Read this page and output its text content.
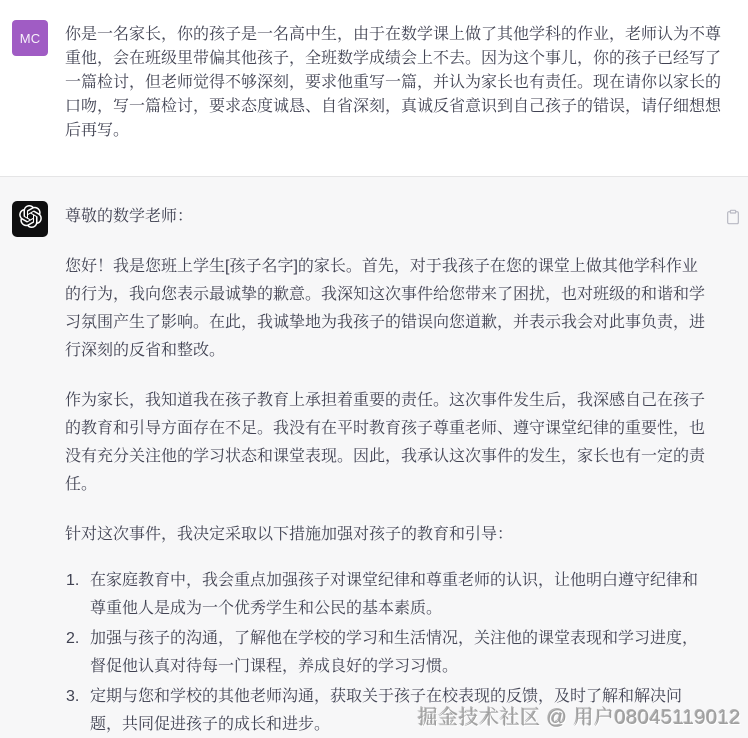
MC	你是一名家长，你的孩子是一名高中生，由于在数学课上做了其他学科的作业，老师认为不尊重他，会在班级里带偏其他孩子，全班数学成绩会上不去。因为这个事儿，你的孩子已经写了一篇检讨，但老师觉得不够深刻，要求他重写一篇，并认为家长也有责任。现在请你以家长的口吻，写一篇检讨，要求态度诚恳、自省深刻，真诚反省意识到自己孩子的错误，请仔细想想后再写。

尊敬的数学老师：

您好！我是您班上学生[孩子名字]的家长。首先，对于我孩子在您的课堂上做其他学科作业的行为，我向您表示最诚挚的歉意。我深知这次事件给您带来了困扰，也对班级的和谐和学习氛围产生了影响。在此，我诚挚地为我孩子的错误向您道歉，并表示我会对此事负责，进行深刻的反省和整改。

作为家长，我知道我在孩子教育上承担着重要的责任。这次事件发生后，我深感自己在孩子的教育和引导方面存在不足。我没有在平时教育孩子尊重老师、遵守课堂纪律的重要性，也没有充分关注他的学习状态和课堂表现。因此，我承认这次事件的发生，家长也有一定的责任。

针对这次事件，我决定采取以下措施加强对孩子的教育和引导：

在家庭教育中，我会重点加强孩子对课堂纪律和尊重老师的认识，让他明白遵守纪律和尊重他人是成为一个优秀学生和公民的基本素质。
加强与孩子的沟通，了解他在学校的学习和生活情况，关注他的课堂表现和学习进度，督促他认真对待每一门课程，养成良好的学习习惯。
定期与您和学校的其他老师沟通，获取关于孩子在校表现的反馈，及时了解和解决问题，共同促进孩子的成长和进步。	掘金技术社区 @ 用户08045119012
